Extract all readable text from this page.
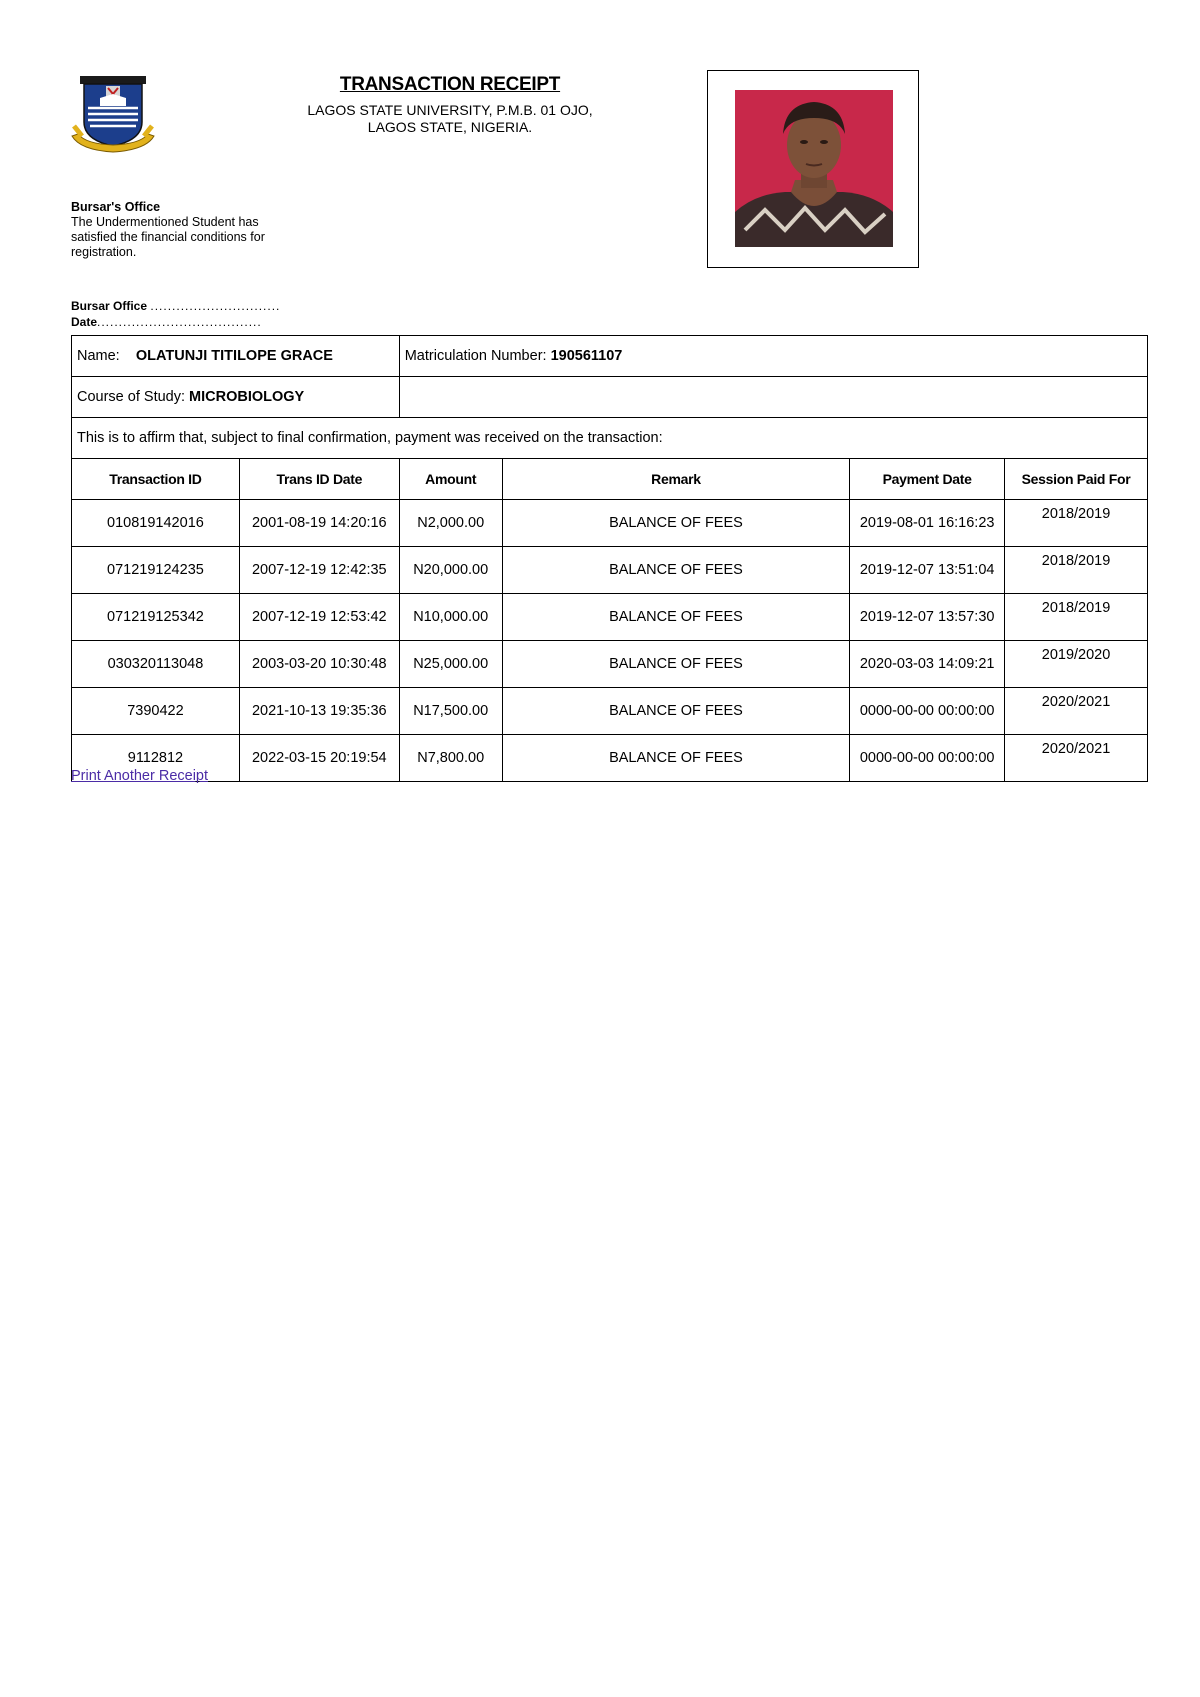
TRANSACTION RECEIPT
LAGOS STATE UNIVERSITY, P.M.B. 01 OJO,
LAGOS STATE, NIGERIA.
Bursar's Office
The Undermentioned Student has satisfied the financial conditions for registration.
Bursar Office ..............................
Date......................................
Name: OLATUNJI TITILOPE GRACE		Matriculation Number: 190561107			
Course of Study: MICROBIOLOGY					
This is to affirm that, subject to final confirmation, payment was received on the transaction:					
Transaction ID	Trans ID Date	Amount	Remark	Payment Date	Session Paid For
010819142016	2001-08-19 14:20:16	N2,000.00	BALANCE OF FEES	2019-08-01 16:16:23	2018/2019
071219124235	2007-12-19 12:42:35	N20,000.00	BALANCE OF FEES	2019-12-07 13:51:04	2018/2019
071219125342	2007-12-19 12:53:42	N10,000.00	BALANCE OF FEES	2019-12-07 13:57:30	2018/2019
030320113048	2003-03-20 10:30:48	N25,000.00	BALANCE OF FEES	2020-03-03 14:09:21	2019/2020
7390422	2021-10-13 19:35:36	N17,500.00	BALANCE OF FEES	0000-00-00 00:00:00	2020/2021
9112812	2022-03-15 20:19:54	N7,800.00	BALANCE OF FEES	0000-00-00 00:00:00	2020/2021
Print Another Receipt
